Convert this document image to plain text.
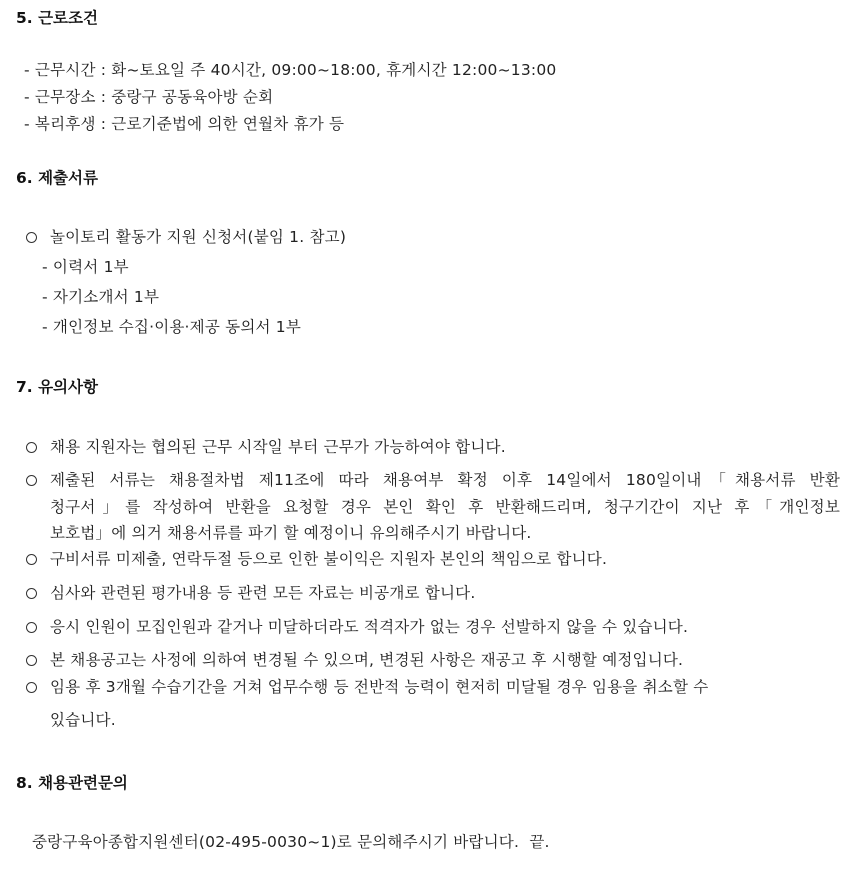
5. 근로조건
- 근무시간 : 화~토요일 주 40시간, 09:00~18:00, 휴게시간 12:00~13:00
- 근무장소 : 중랑구 공동육아방 순회
- 복리후생 : 근로기준법에 의한 연월차 휴가 등
6. 제출서류
놀이토리 활동가 지원 신청서(붙임 1. 참고)
- 이력서 1부
- 자기소개서 1부
- 개인정보 수집·이용·제공 동의서 1부
7. 유의사항
채용 지원자는 협의된 근무 시작일 부터 근무가 가능하여야 합니다.
제출된 서류는 채용절차법 제11조에 따라 채용여부 확정 이후 14일에서 180일이내「채용서류 반환
청구서」를 작성하여 반환을 요청할 경우 본인 확인 후 반환해드리며, 청구기간이 지난 후「개인정보
보호법」에 의거 채용서류를 파기 할 예정이니 유의해주시기 바랍니다.
구비서류 미제출, 연락두절 등으로 인한 불이익은 지원자 본인의 책임으로 합니다.
심사와 관련된 평가내용 등 관련 모든 자료는 비공개로 합니다.
응시 인원이 모집인원과 같거나 미달하더라도 적격자가 없는 경우 선발하지 않을 수 있습니다.
본 채용공고는 사정에 의하여 변경될 수 있으며, 변경된 사항은 재공고 후 시행할 예정입니다.
임용 후 3개월 수습기간을 거쳐 업무수행 등 전반적 능력이 현저히 미달될 경우 임용을 취소할 수
있습니다.
8. 채용관련문의
중랑구육아종합지원센터(02-495-0030~1)로 문의해주시기 바랍니다.  끝.
